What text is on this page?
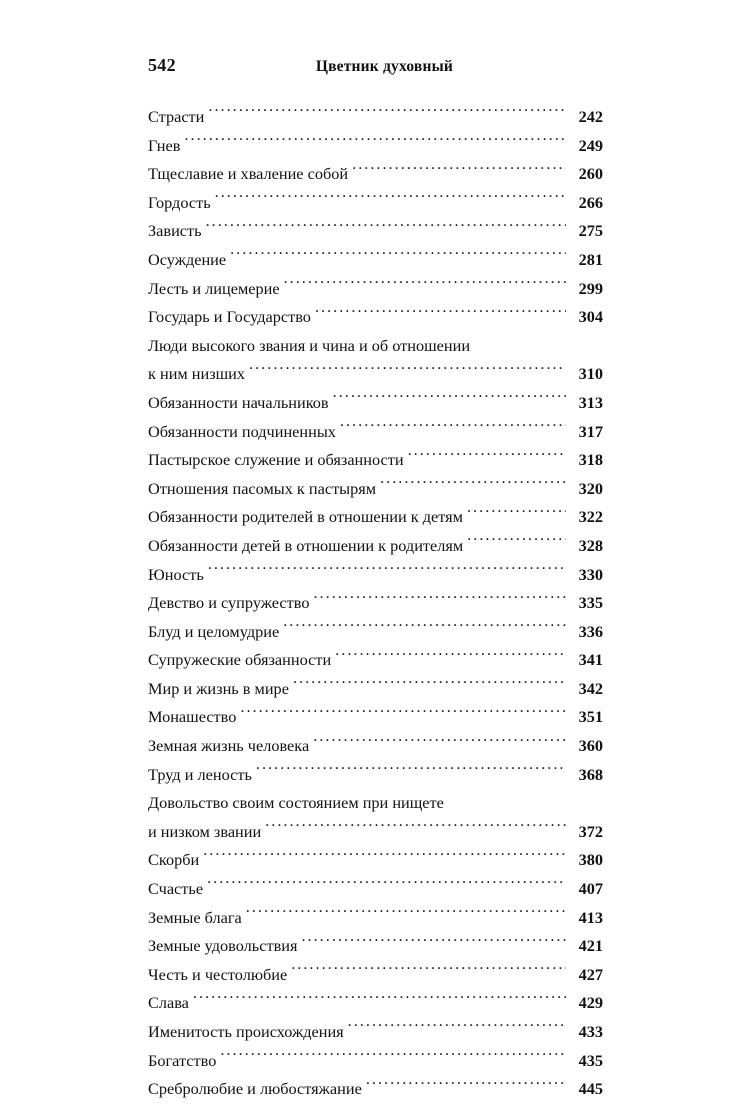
542	Цветник духовный
Страсти .....	242
Гнев .....	249
Тщеславие и хваление собой .....	260
Гордость .....	266
Зависть .....	275
Осуждение .....	281
Лесть и лицемерие .....	299
Государь и Государство .....	304
Люди высокого звания и чина и об отношении
к ним низших .....	310
Обязанности начальников .....	313
Обязанности подчиненных .....	317
Пастырское служение и обязанности .....	318
Отношения пасомых к пастырям .....	320
Обязанности родителей в отношении к детям .....	322
Обязанности детей в отношении к родителям .....	328
Юность .....	330
Девство и супружество .....	335
Блуд и целомудрие .....	336
Супружеские обязанности .....	341
Мир и жизнь в мире .....	342
Монашество .....	351
Земная жизнь человека .....	360
Труд и леность .....	368
Довольство своим состоянием при нищете
и низком звании .....	372
Скорби .....	380
Счастье .....	407
Земные блага .....	413
Земные удовольствия .....	421
Честь и честолюбие .....	427
Слава .....	429
Именитость происхождения .....	433
Богатство .....	435
Сребролюбие и любостяжание .....	445
